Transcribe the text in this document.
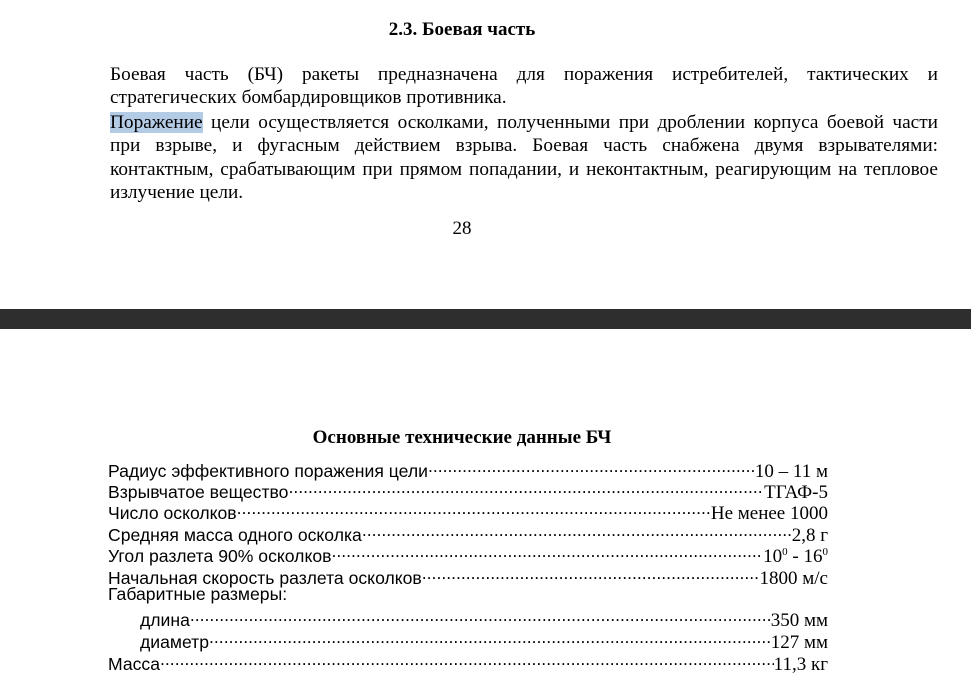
2.3. Боевая часть

Боевая часть (БЧ) ракеты предназначена для поражения истребителей, тактических и стратегических бомбардировщиков противника.

Поражение цели осуществляется осколками, полученными при дроблении корпуса боевой части при взрыве, и фугасным действием взрыва. Боевая часть снабжена двумя взрывателями: контактным, срабатывающим при прямом попадании, и неконтактным, реагирующим на тепловое излучение цели.

28
Основные технические данные БЧ
Радиус эффективного поражения цели .....	10 – 11 м
Взрывчатое вещество .....	ТГАФ-5
Число осколков .....	Не менее 1000
Средняя масса одного осколка .....	2,8 г
Угол разлета 90% осколков .....	$10^0 - 16^0$
Начальная скорость разлета осколков .....	1800 м/с
Габаритные размеры:
длина .....	350 мм
диаметр .....	127 мм
Масса .....	11,3 кг
